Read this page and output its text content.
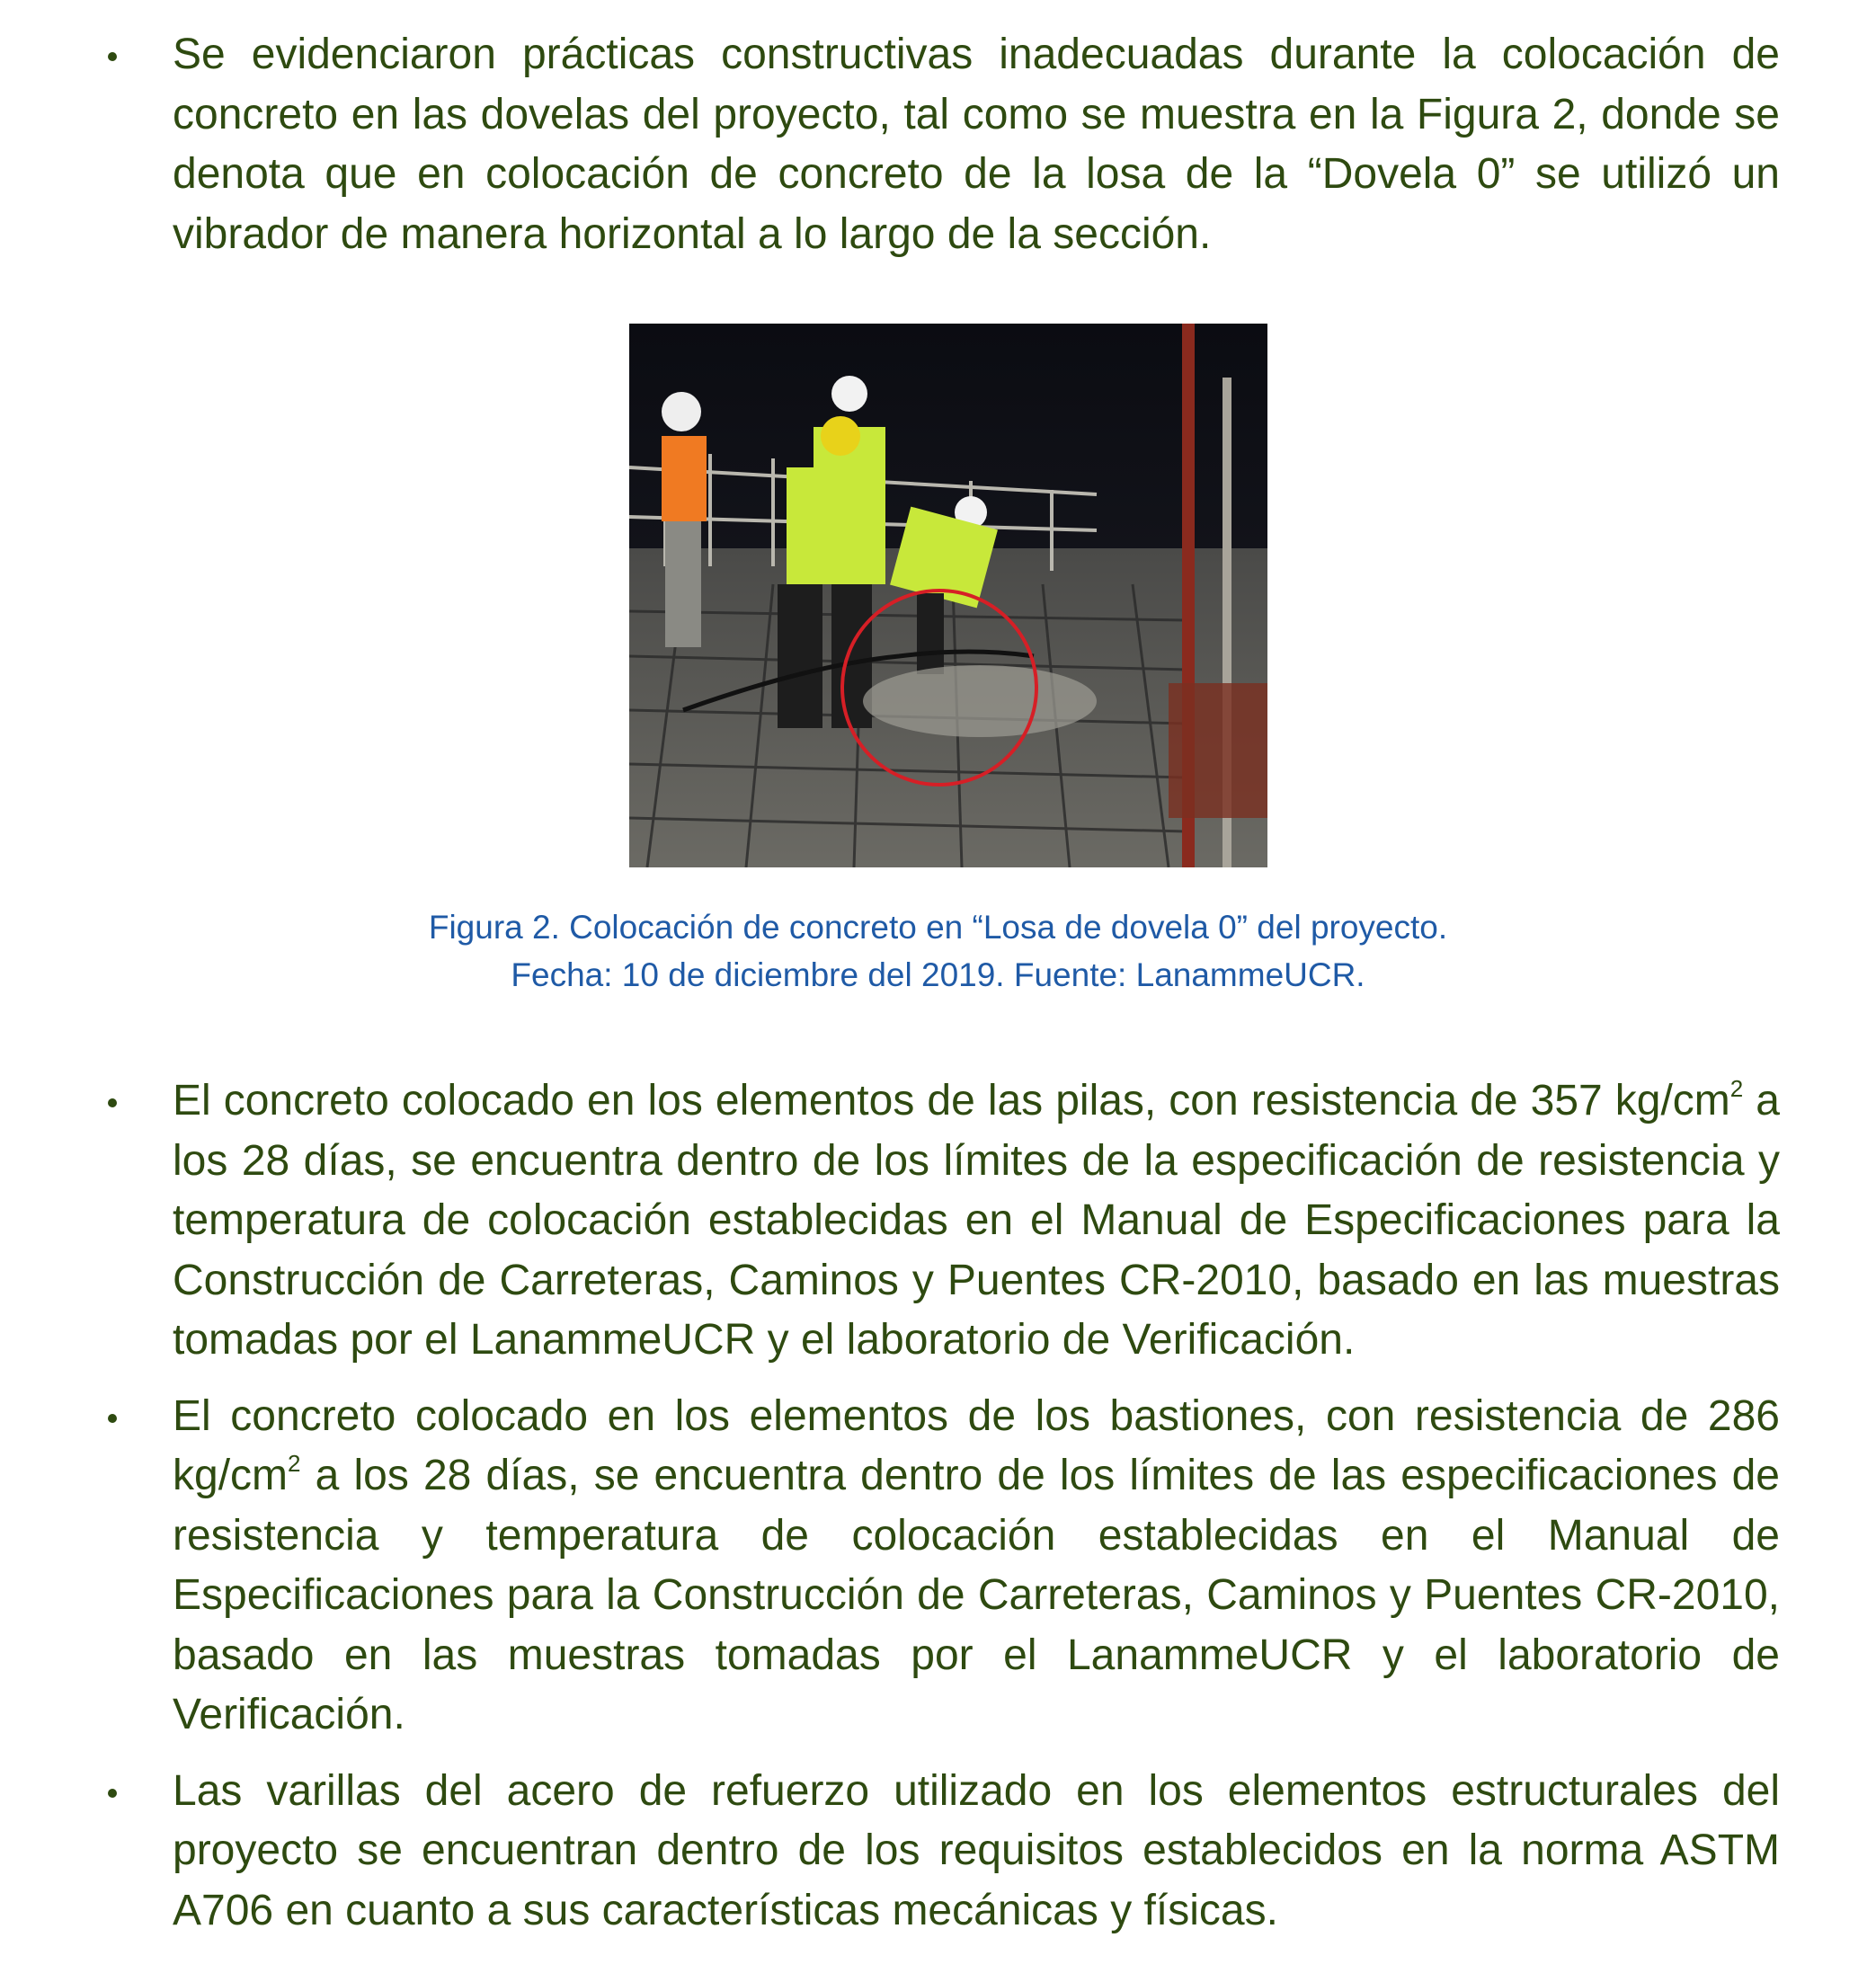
Se evidenciaron prácticas constructivas inadecuadas durante la colocación de concreto en las dovelas del proyecto, tal como se muestra en la Figura 2, donde se denota que en colocación de concreto de la losa de la “Dovela 0” se utilizó un vibrador de manera horizontal a lo largo de la sección.
Figura 2. Colocación de concreto en “Losa de dovela 0” del proyecto.
Fecha: 10 de diciembre del 2019. Fuente: LanammeUCR.
El concreto colocado en los elementos de las pilas, con resistencia de 357 $kg/cm^2$ a los 28 días, se encuentra dentro de los límites de la especificación de resistencia y temperatura de colocación establecidas en el Manual de Especificaciones para la Construcción de Carreteras, Caminos y Puentes CR-2010, basado en las muestras tomadas por el LanammeUCR y el laboratorio de Verificación.
El concreto colocado en los elementos de los bastiones, con resistencia de 286 $kg/cm^2$ a los 28 días, se encuentra dentro de los límites de las especificaciones de resistencia y temperatura de colocación establecidas en el Manual de Especificaciones para la Construcción de Carreteras, Caminos y Puentes CR-2010, basado en las muestras tomadas por el LanammeUCR y el laboratorio de Verificación.
Las varillas del acero de refuerzo utilizado en los elementos estructurales del proyecto se encuentran dentro de los requisitos establecidos en la norma ASTM A706 en cuanto a sus características mecánicas y físicas.
